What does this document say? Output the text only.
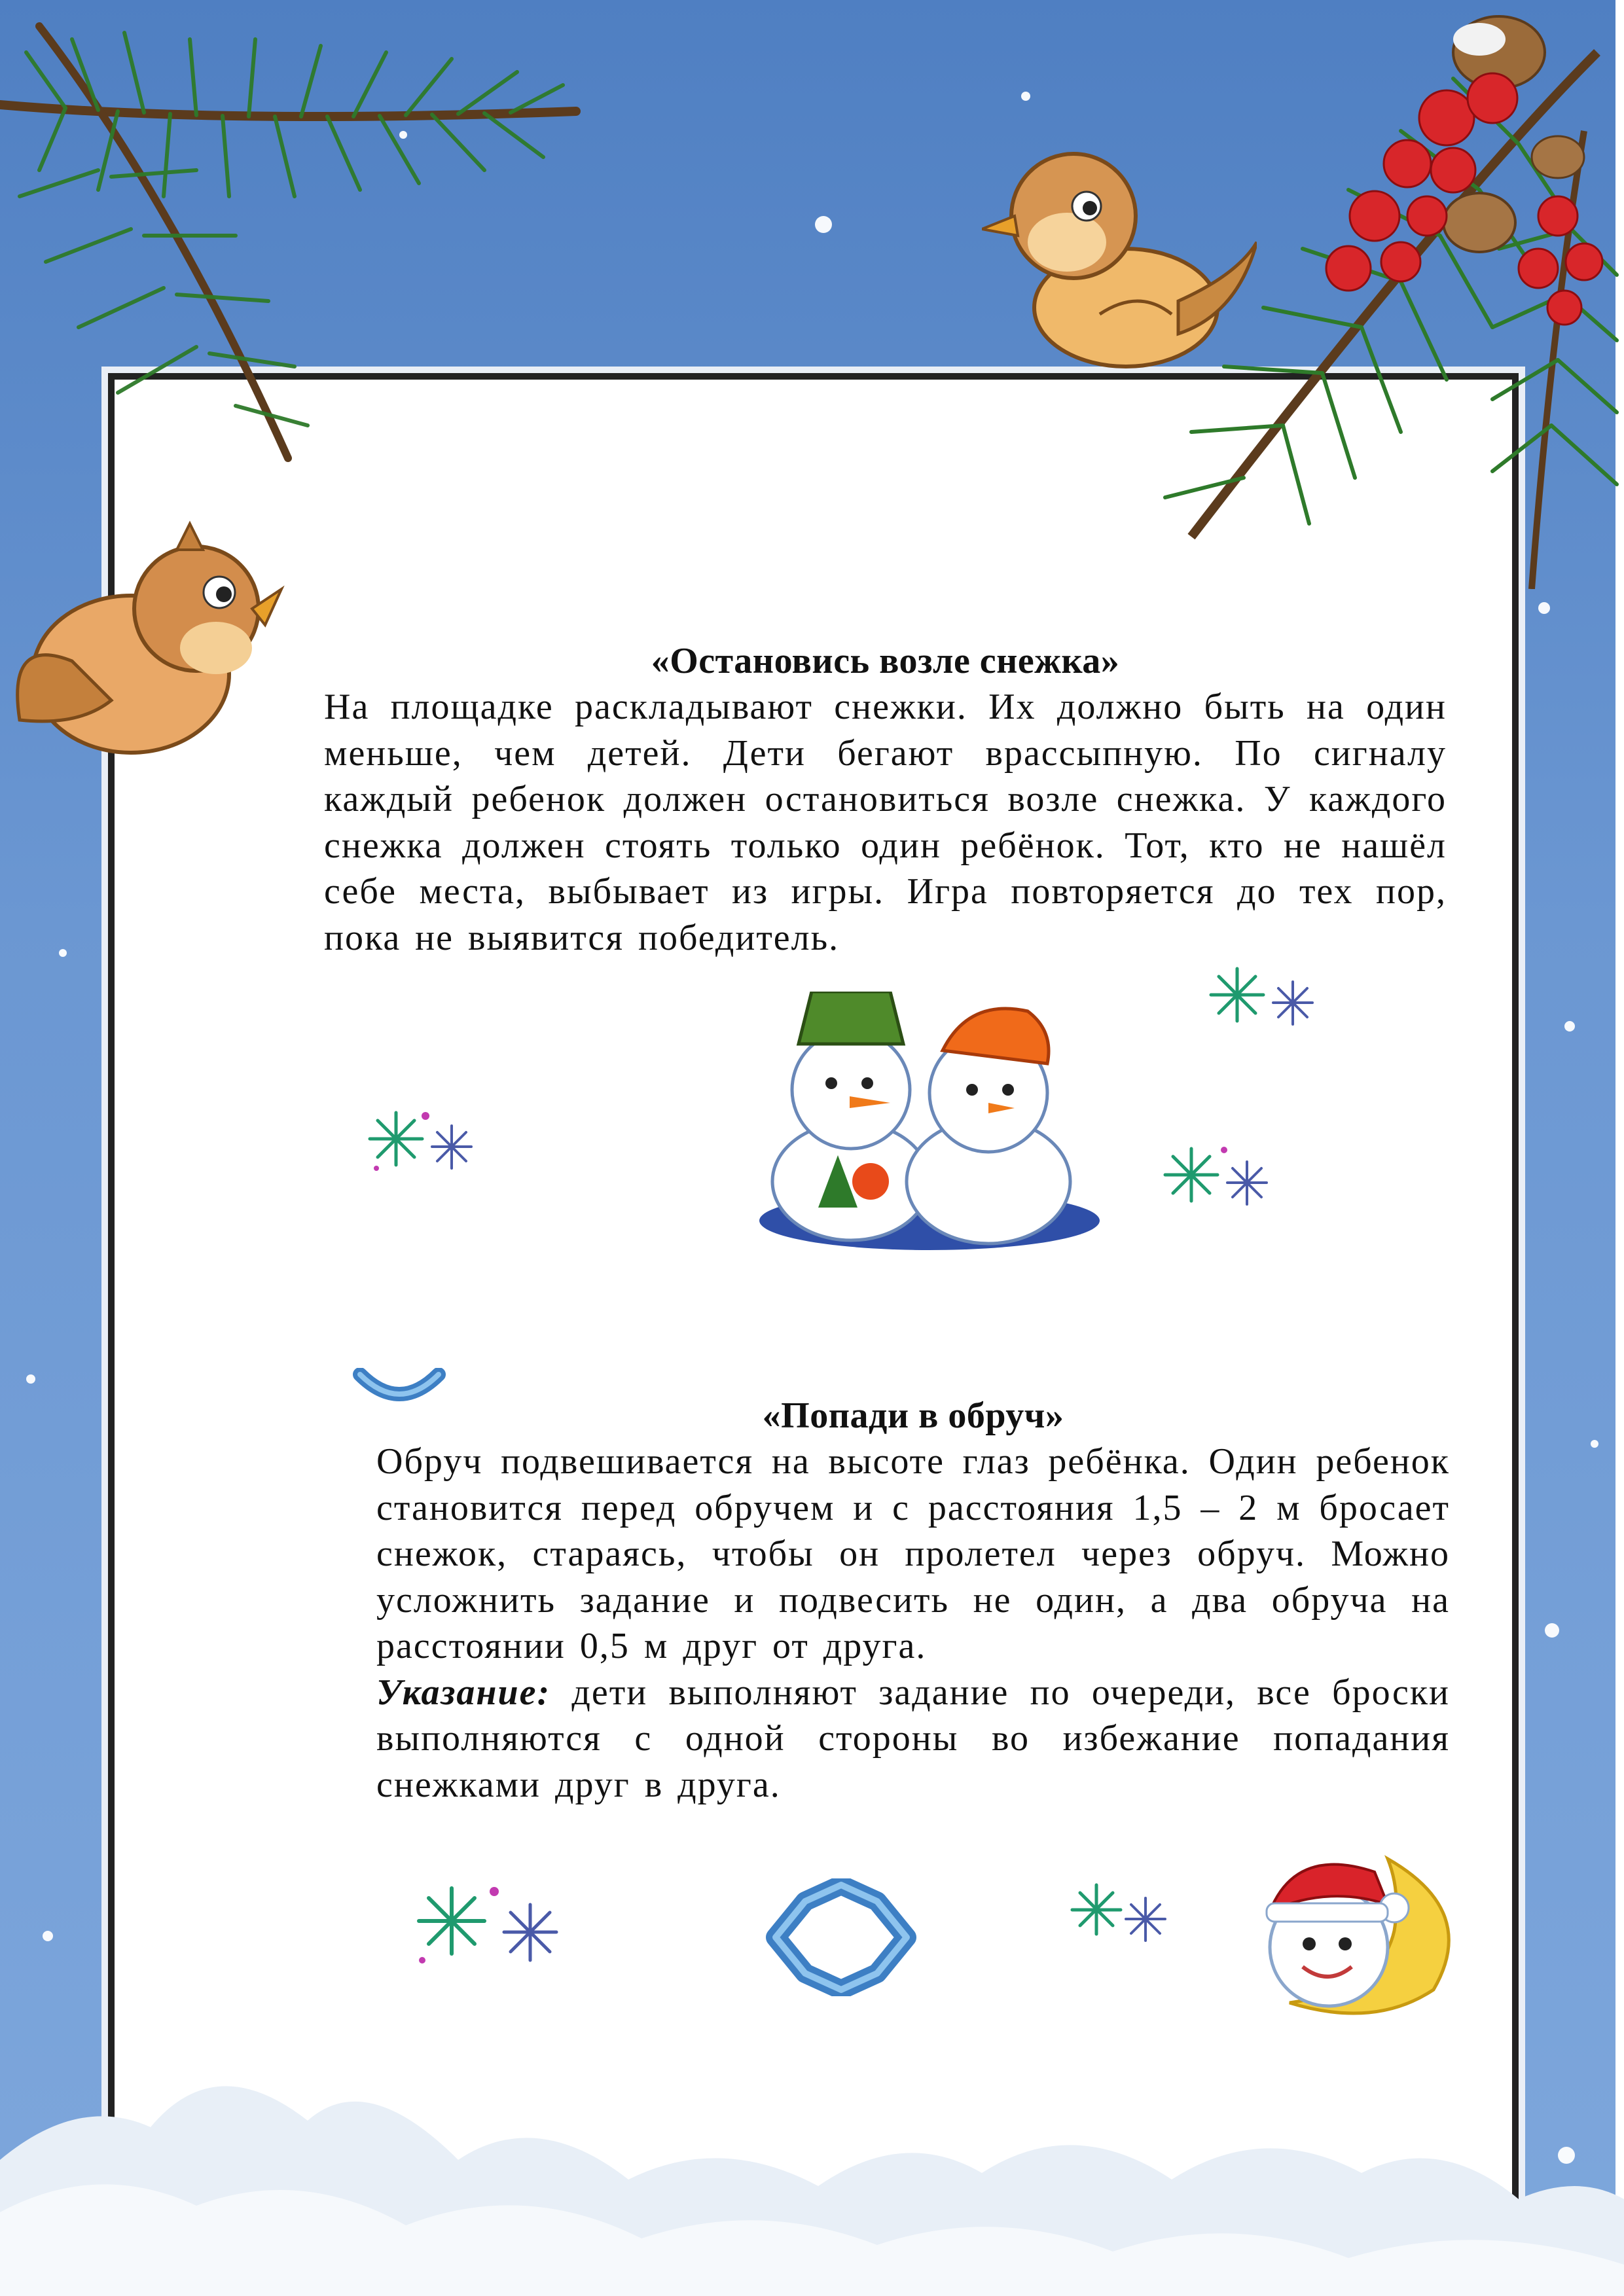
«Остановись возле снежка»

На площадке раскладывают снежки. Их должно быть на один меньше, чем детей. Дети бегают врассыпную. По сигналу каждый ребенок должен остановиться возле снежка. У каждого снежка должен стоять только один ребёнок. Тот, кто не нашёл себе места, выбывает из игры. Игра повторяется до тех пор, пока не выявится победитель.

«Попади в обруч»

Обруч подвешивается на высоте глаз ребёнка. Один ребенок становится перед обручем и с расстояния 1,5 – 2 м бросает снежок, стараясь, чтобы он пролетел через обруч. Можно усложнить задание и подвесить не один, а два обруча на расстоянии 0,5 м друг от друга.
Указание: дети выполняют задание по очереди, все броски выполняются с одной стороны во избежание попадания снежками друг в друга.
